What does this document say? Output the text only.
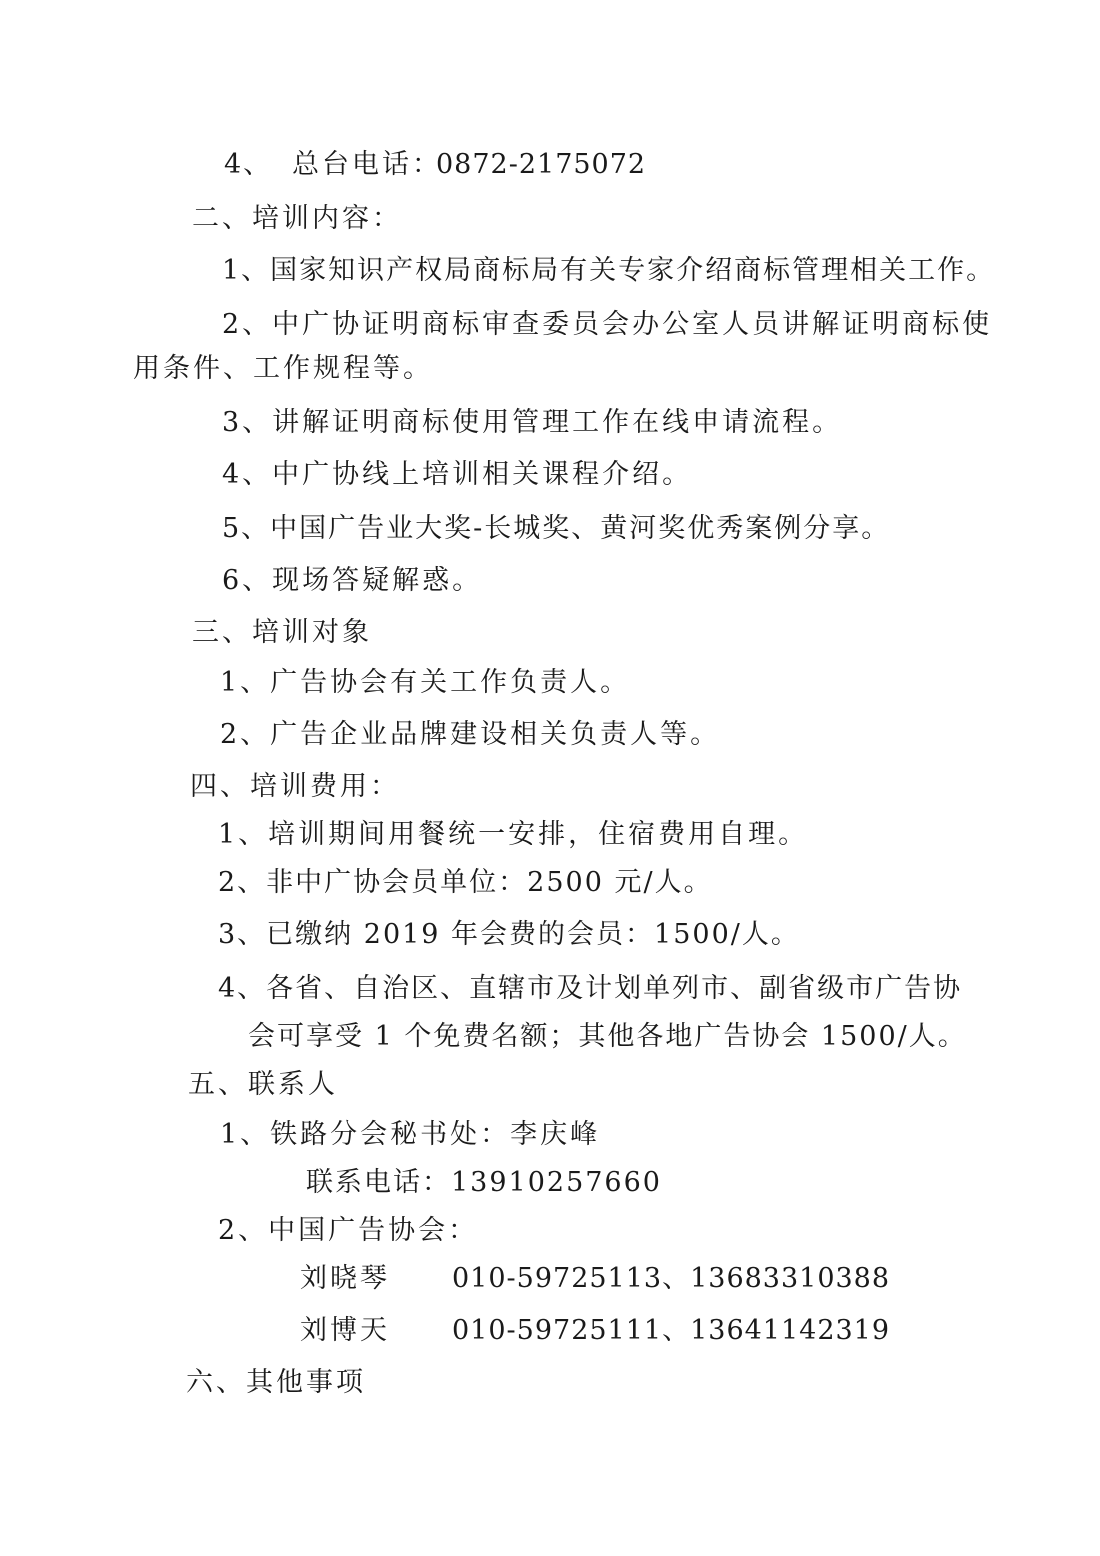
4、 总台电话：
0872-2175072
二、培训内容：
1、国家知识产权局商标局有关专家介绍商标管理相关工作。
2、中广协证明商标审查委员会办公室人员讲解证明商标使
用条件、工作规程等。
3、讲解证明商标使用管理工作在线申请流程。
4、中广协线上培训相关课程介绍。
5、中国广告业大奖-长城奖、黄河奖优秀案例分享。
6、现场答疑解惑。
三、培训对象
1、广告协会有关工作负责人。
2、广告企业品牌建设相关负责人等。
四、培训费用：
1、培训期间用餐统一安排，住宿费用自理。
2、非中广协会员单位：2500 元/人。
3、已缴纳 2019 年会费的会员：1500/人。
4、各省、自治区、直辖市及计划单列市、副省级市广告协
会可享受 1 个免费名额；其他各地广告协会 1500/人。
五、联系人
1、铁路分会秘书处：李庆峰
联系电话：13910257660
2、中国广告协会：
刘晓琴 010-59725113、13683310388
刘博天 010-59725111、13641142319
六、其他事项
